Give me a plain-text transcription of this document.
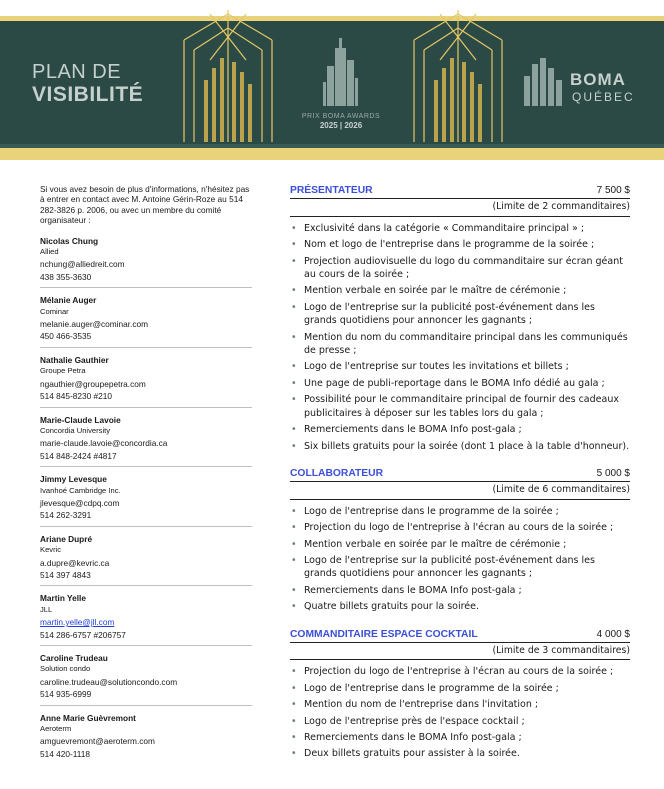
PLAN DE
VISIBILITÉ
PRIX BOMA AWARDS
2025 | 2026
BOMA
QUÉBEC
Si vous avez besoin de plus d'informations, n'hésitez pas à entrer en contact avec M. Antoine Gérin-Roze au 514 282-3826 p. 2006, ou avec un membre du comité organisateur :
Nicolas Chung
Allied
nchung@alliedreit.com
438 355-3630
Mélanie Auger
Cominar
melanie.auger@cominar.com
450 466-3535
Nathalie Gauthier
Groupe Petra
ngauthier@groupepetra.com
514 845-8230 #210
Marie-Claude Lavoie
Concordia University
marie-claude.lavoie@concordia.ca
514 848-2424 #4817
Jimmy Levesque
Ivanhoé Cambridge Inc.
jlevesque@cdpq.com
514 262-3291
Ariane Dupré
Kevric
a.dupre@kevric.ca
514 397 4843
Martin Yelle
JLL
martin.yelle@jll.com
514 286-6757 #206757
Caroline Trudeau
Solution condo
caroline.trudeau@solutioncondo.com
514 935-6999
Anne Marie Guèvremont
Aeroterm
amguevremont@aeroterm.com
514 420-1118
PRÉSENTATEUR	7 500 $
(Limite de 2 commanditaires)
• Exclusivité dans la catégorie « Commanditaire principal » ;
• Nom et logo de l'entreprise dans le programme de la soirée ;
• Projection audiovisuelle du logo du commanditaire sur écran géant au cours de la soirée ;
• Mention verbale en soirée par le maître de cérémonie ;
• Logo de l'entreprise sur la publicité post-événement dans les grands quotidiens pour annoncer les gagnants ;
• Mention du nom du commanditaire principal dans les communiqués de presse ;
• Logo de l'entreprise sur toutes les invitations et billets ;
• Une page de publi-reportage dans le BOMA Info dédié au gala ;
• Possibilité pour le commanditaire principal de fournir des cadeaux publicitaires à déposer sur les tables lors du gala ;
• Remerciements dans le BOMA Info post-gala ;
• Six billets gratuits pour la soirée (dont 1 place à la table d'honneur).
COLLABORATEUR	5 000 $
(Limite de 6 commanditaires)
• Logo de l'entreprise dans le programme de la soirée ;
• Projection du logo de l'entreprise à l'écran au cours de la soirée ;
• Mention verbale en soirée par le maître de cérémonie ;
• Logo de l'entreprise sur la publicité post-événement dans les grands quotidiens pour annoncer les gagnants ;
• Remerciements dans le BOMA Info post-gala ;
• Quatre billets gratuits pour la soirée.
COMMANDITAIRE ESPACE COCKTAIL	4 000 $
(Limite de 3 commanditaires)
• Projection du logo de l'entreprise à l'écran au cours de la soirée ;
• Logo de l'entreprise dans le programme de la soirée ;
• Mention du nom de l'entreprise dans l'invitation ;
• Logo de l'entreprise près de l'espace cocktail ;
• Remerciements dans le BOMA Info post-gala ;
• Deux billets gratuits pour assister à la soirée.
